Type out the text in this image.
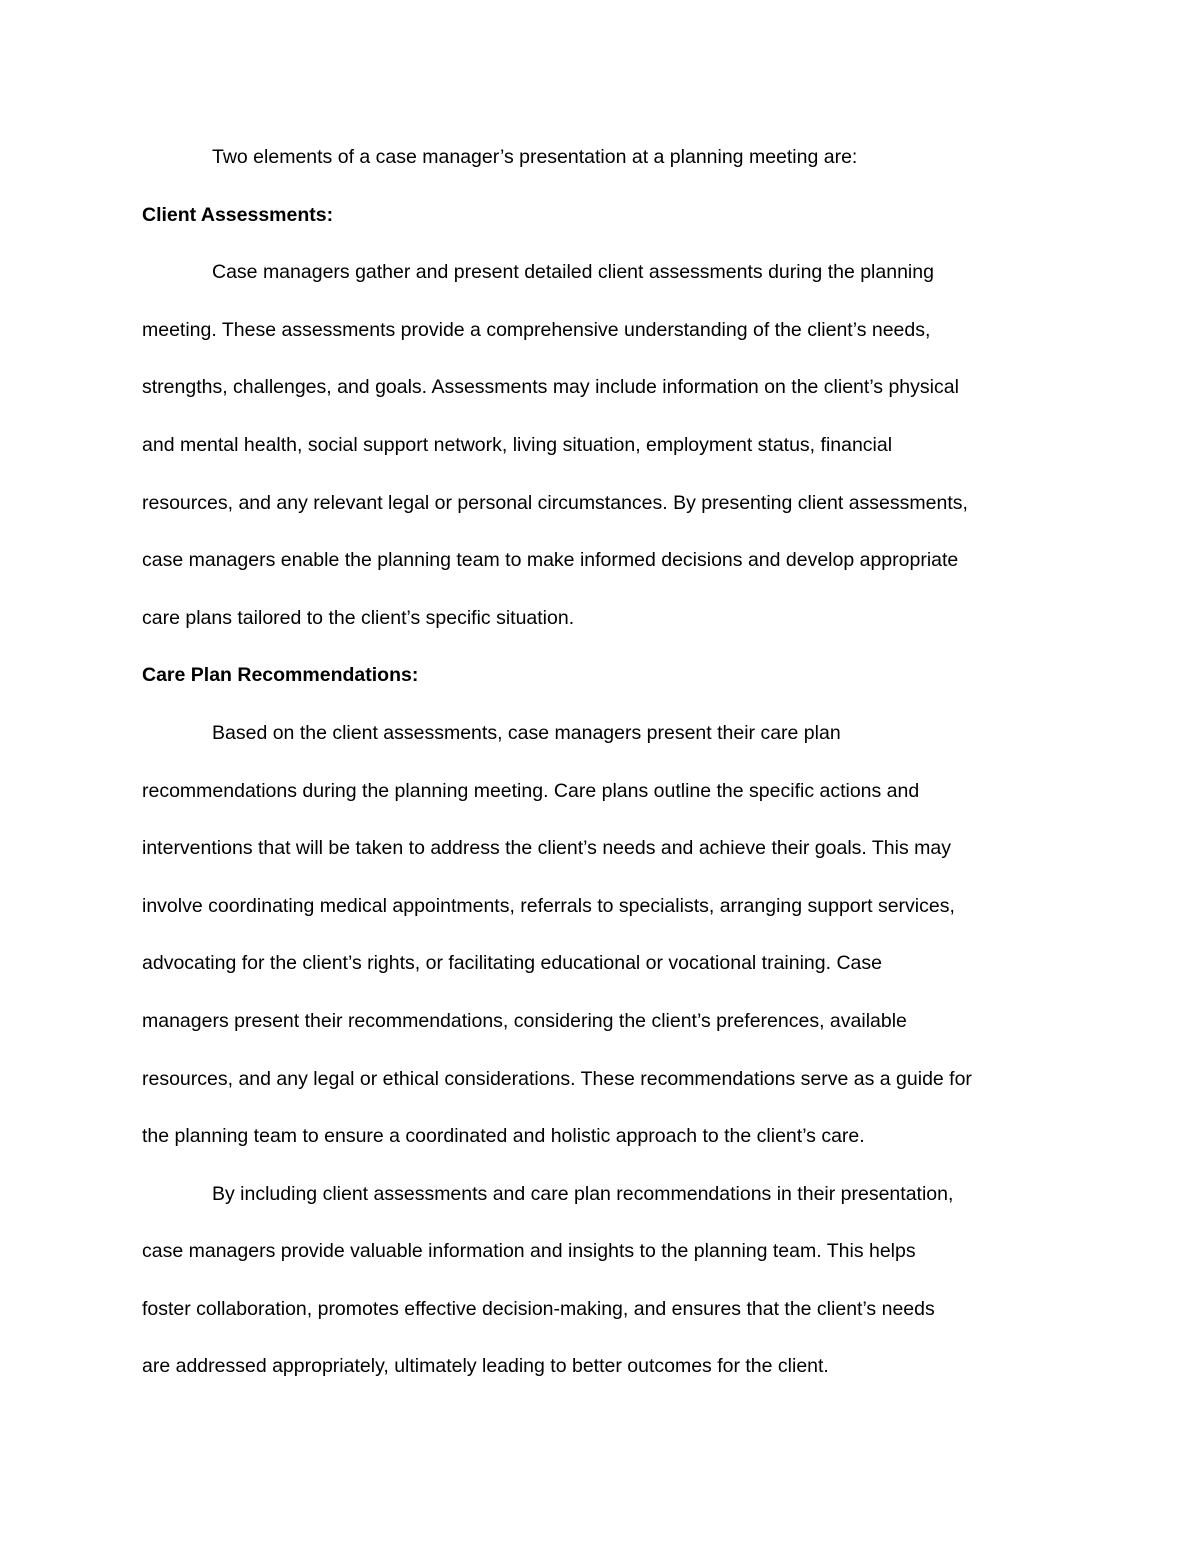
Two elements of a case manager’s presentation at a planning meeting are:
Client Assessments:
Case managers gather and present detailed client assessments during the planning
meeting. These assessments provide a comprehensive understanding of the client’s needs,
strengths, challenges, and goals. Assessments may include information on the client’s physical
and mental health, social support network, living situation, employment status, financial
resources, and any relevant legal or personal circumstances. By presenting client assessments,
case managers enable the planning team to make informed decisions and develop appropriate
care plans tailored to the client’s specific situation.
Care Plan Recommendations:
Based on the client assessments, case managers present their care plan
recommendations during the planning meeting. Care plans outline the specific actions and
interventions that will be taken to address the client’s needs and achieve their goals. This may
involve coordinating medical appointments, referrals to specialists, arranging support services,
advocating for the client’s rights, or facilitating educational or vocational training. Case
managers present their recommendations, considering the client’s preferences, available
resources, and any legal or ethical considerations. These recommendations serve as a guide for
the planning team to ensure a coordinated and holistic approach to the client’s care.
By including client assessments and care plan recommendations in their presentation,
case managers provide valuable information and insights to the planning team. This helps
foster collaboration, promotes effective decision-making, and ensures that the client’s needs
are addressed appropriately, ultimately leading to better outcomes for the client.
